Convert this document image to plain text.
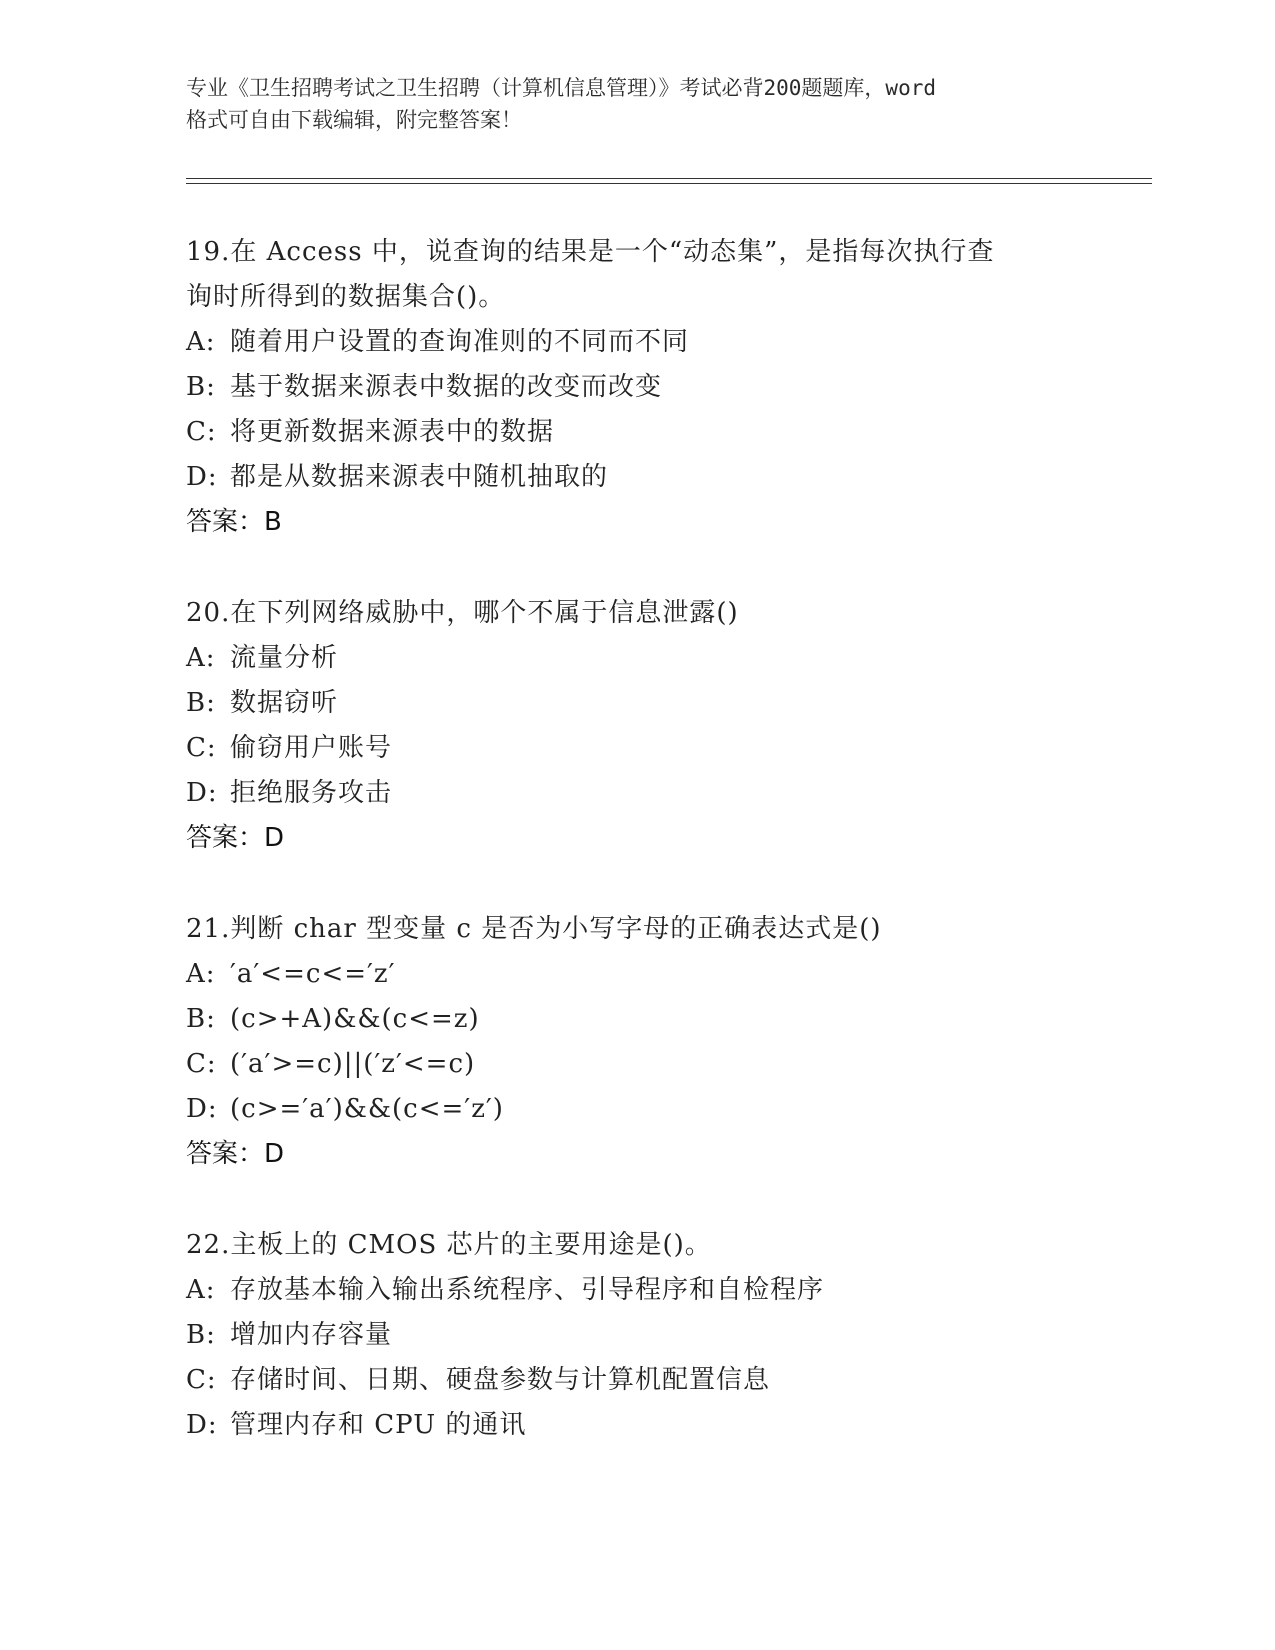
专业《卫生招聘考试之卫生招聘（计算机信息管理）》考试必背200题题库，word
格式可自由下载编辑，附完整答案！
19.在 Access 中，说查询的结果是一个“动态集”，是指每次执行查
询时所得到的数据集合()。
A: 随着用户设置的查询准则的不同而不同
B: 基于数据来源表中数据的改变而改变
C: 将更新数据来源表中的数据
D: 都是从数据来源表中随机抽取的
答案：B
20.在下列网络威胁中，哪个不属于信息泄露()
A: 流量分析
B: 数据窃听
C: 偷窃用户账号
D: 拒绝服务攻击
答案：D
21.判断 char 型变量 c 是否为小写字母的正确表达式是()
A: ′a′<=c<=′z′
B: (c>+A)&&(c<=z)
C: (′a′>=c)||(′z′<=c)
D: (c>=′a′)&&(c<=′z′)
答案：D
22.主板上的 CMOS 芯片的主要用途是()。
A: 存放基本输入输出系统程序、引导程序和自检程序
B: 增加内存容量
C: 存储时间、日期、硬盘参数与计算机配置信息
D: 管理内存和 CPU 的通讯
